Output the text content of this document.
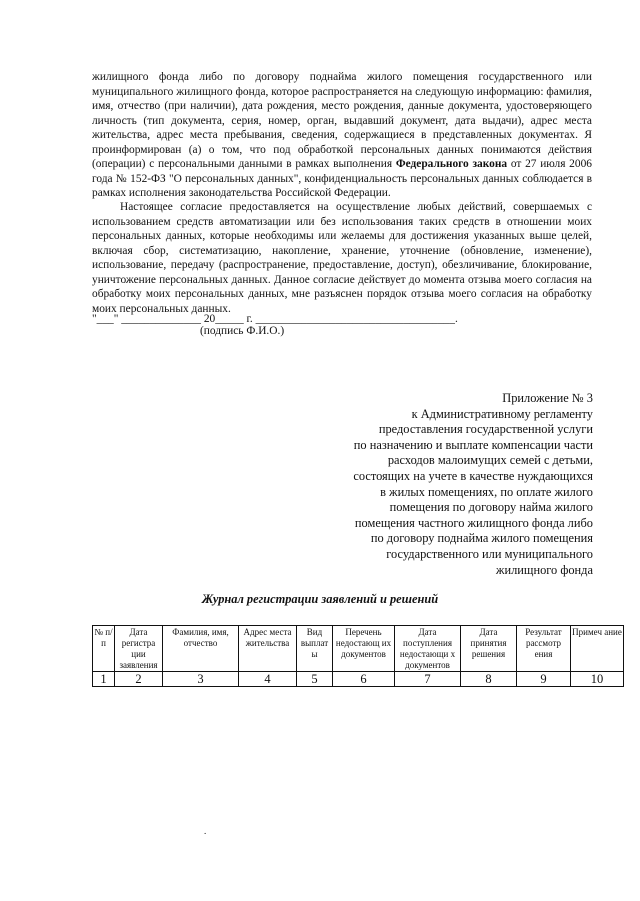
жилищного фонда либо по договору поднайма жилого помещения государственного или муниципального жилищного фонда, которое распространяется на следующую информацию: фамилия, имя, отчество (при наличии), дата рождения, место рождения, данные документа, удостоверяющего личность (тип документа, серия, номер, орган, выдавший документ, дата выдачи), адрес места жительства, адрес места пребывания, сведения, содержащиеся в представленных документах. Я проинформирован (а) о том, что под обработкой персональных данных понимаются действия (операции) с персональными данными в рамках выполнения Федерального закона от 27 июля 2006 года № 152-ФЗ "О персональных данных", конфиденциальность персональных данных соблюдается в рамках исполнения законодательства Российской Федерации.

Настоящее согласие предоставляется на осуществление любых действий, совершаемых с использованием средств автоматизации или без использования таких средств в отношении моих персональных данных, которые необходимы или желаемы для достижения указанных выше целей, включая сбор, систематизацию, накопление, хранение, уточнение (обновление, изменение), использование, передачу (распространение, предоставление, доступ), обезличивание, блокирование, уничтожение персональных данных. Данное согласие действует до момента отзыва моего согласия на обработку моих персональных данных, мне разъяснен порядок отзыва моего согласия на обработку моих персональных данных.

"___" ______________ 20_____ г. ___________________________________.
(подпись Ф.И.О.)
Приложение № 3
к Административному регламенту
предоставления государственной услуги
по назначению и выплате компенсации части
расходов малоимущих семей с детьми,
состоящих на учете в качестве нуждающихся
в жилых помещениях, по оплате жилого
помещения по договору найма жилого
помещения частного жилищного фонда либо
по договору поднайма жилого помещения
государственного или муниципального
жилищного фонда
Журнал регистрации заявлений и решений
№ п/п	Дата регистра ции заявления	Фамилия, имя, отчество	Адрес места жительства	Вид выплат ы	Перечень недостающ их документов	Дата поступления недостающи х документов	Дата принятия решения	Результат рассмотр ения	Примеч ание
1	2	3	4	5	6	7	8	9	10
.
